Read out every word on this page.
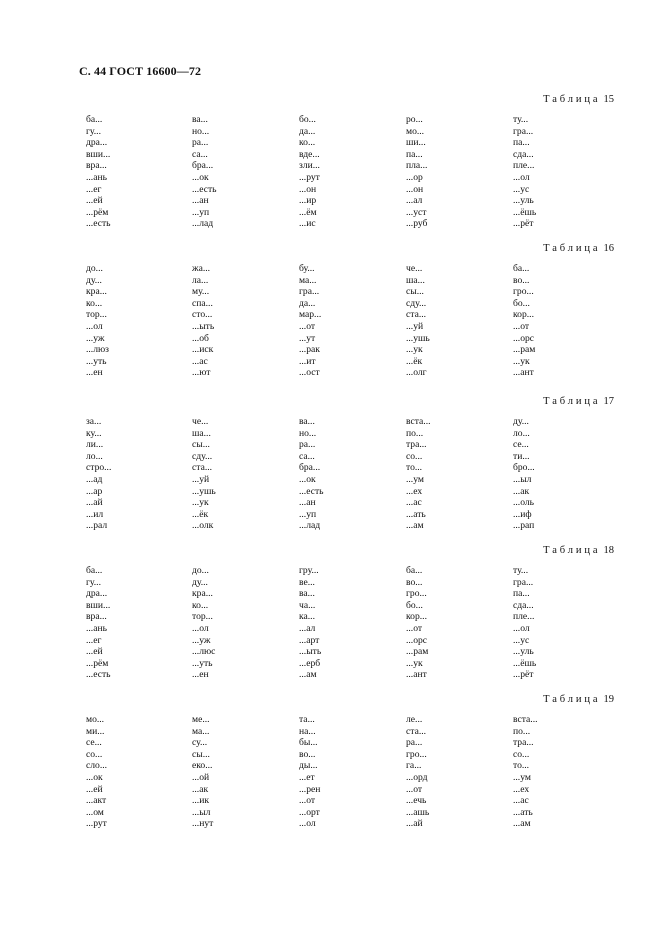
С. 44 ГОСТ 16600—72
Таблица 15
ба...
гу...
дра...
вши...
вра...
...ань
...ег
...ей
...рём
...есть
ва...
но...
ра...
са...
бра...
...ок
...есть
...ан
...уп
...лад
бо...
да...
ко...
вде...
зли...
...рут
...он
...ир
...ём
...ис
ро...
мо...
ши...
па...
пла...
...ор
...он
...ал
...уст
...руб
ту...
гра...
па...
сда...
пле...
...ол
...ус
...уль
...ёшь
...рёт
Таблица 16
до...
ду...
кра...
ко...
тор...
...ол
...уж
...люз
...уть
...ен
жа...
ла...
му...
спа...
сто...
...ыть
...об
...иск
...ас
...ют
бу...
ма...
гра...
да...
мар...
...от
...ут
...рак
...ит
...ост
че...
ша...
сы...
сду...
ста...
...уй
...ушь
...ук
...ёк
...олг
ба...
во...
гро...
бо...
кор...
...от
...орс
...рам
...ук
...ант
Таблица 17
за...
ку...
ли...
ло...
стро...
...ад
...ар
...ай
...ил
...рал
че...
ша...
сы...
сду...
ста...
...уй
...ушь
...ук
...ёк
...олк
ва...
но...
ра...
са...
бра...
...ок
...есть
...ан
...уп
...лад
вста...
по...
тра...
со...
то...
...ум
...ех
...ас
...ать
...ам
ду...
ло...
се...
ти...
бро...
...ыл
...ак
...оль
...иф
...рап
Таблица 18
ба...
гу...
дра...
вши...
вра...
...ань
...ег
...ей
...рём
...есть
до...
ду...
кра...
ко...
тор...
...ол
...уж
...люс
...уть
...ен
гру...
ве...
ва...
ча...
ка...
...ал
...арт
...ыть
...ерб
...ам
ба...
во...
гро...
бо...
кор...
...от
...орс
...рам
...ук
...ант
ту...
гра...
па...
сда...
пле...
...ол
...ус
...уль
...ёшь
...рёт
Таблица 19
мо...
ми...
се...
со...
сло...
...ок
...ей
...акт
...ом
...рут
ме...
ма...
су...
сы...
еко...
...ой
...ак
...ик
...ыл
...нут
та...
на...
бы...
во...
ды...
...ет
...рен
...от
...орт
...ол
ле...
ста...
ра...
гро...
га...
...орд
...от
...ечь
...ашь
...ай
вста...
по...
тра...
со...
то...
...ум
...ех
...ас
...ать
...ам
